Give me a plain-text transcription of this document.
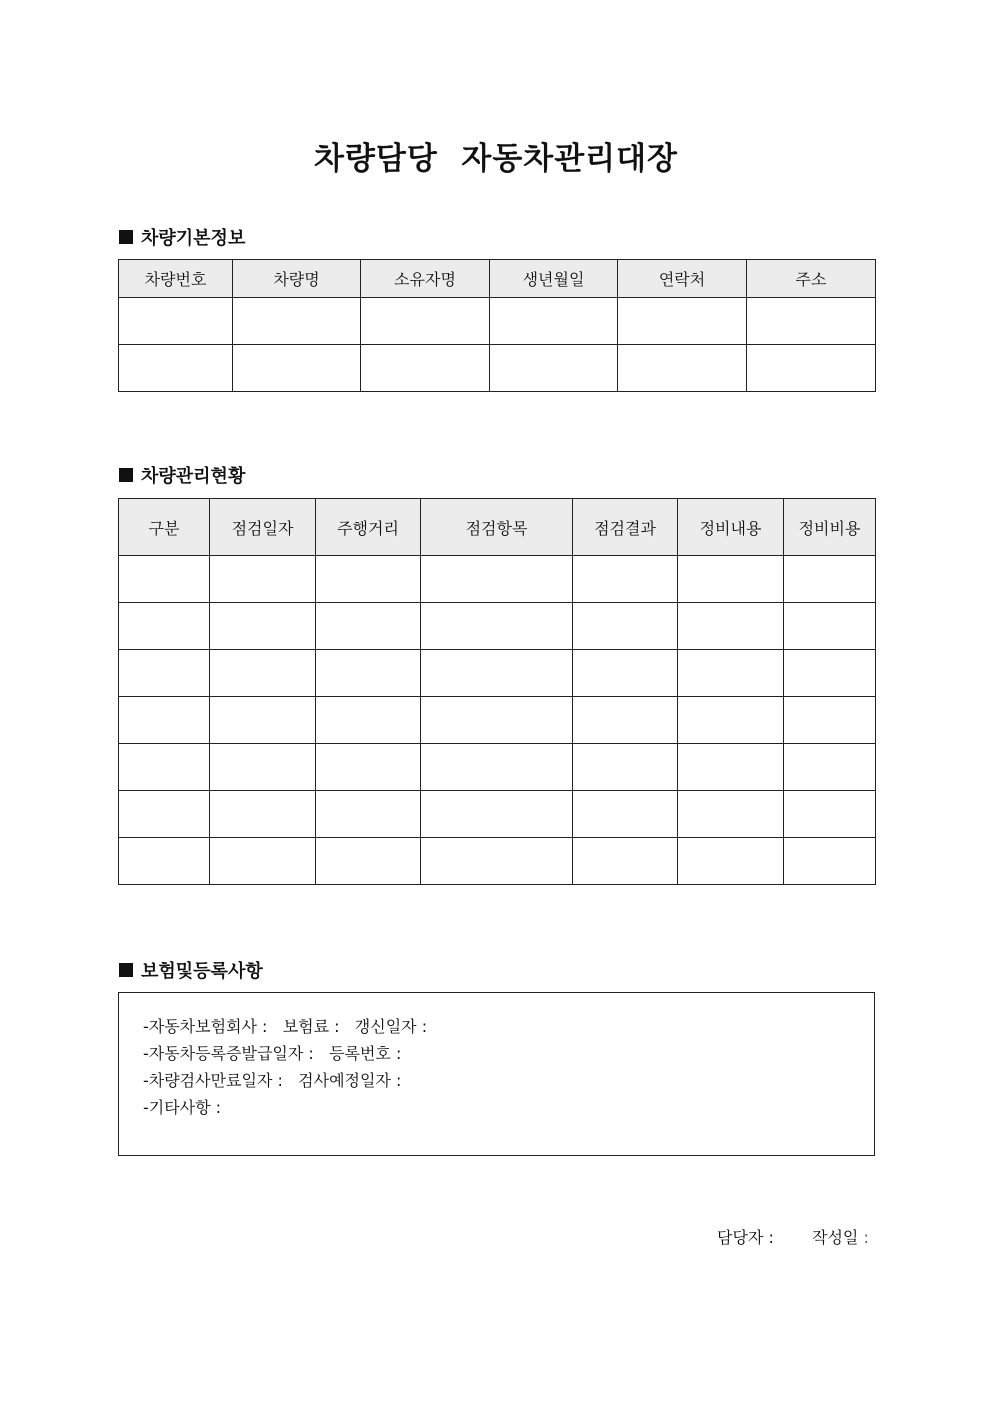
차량담당  자동차관리대장
차량기본정보
차량번호	차량명	소유자명	생년월일	연락처	주소

차량관리현황
구분	점검일자	주행거리	점검항목	점검결과	정비내용	정비비용

보험및등록사항
-자동차보험회사 :   보험료 :   갱신일자 :
-자동차등록증발급일자 :   등록번호 :
-차량검사만료일자 :   검사예정일자 :
-기타사항 :
담당자 : 작성일 :
